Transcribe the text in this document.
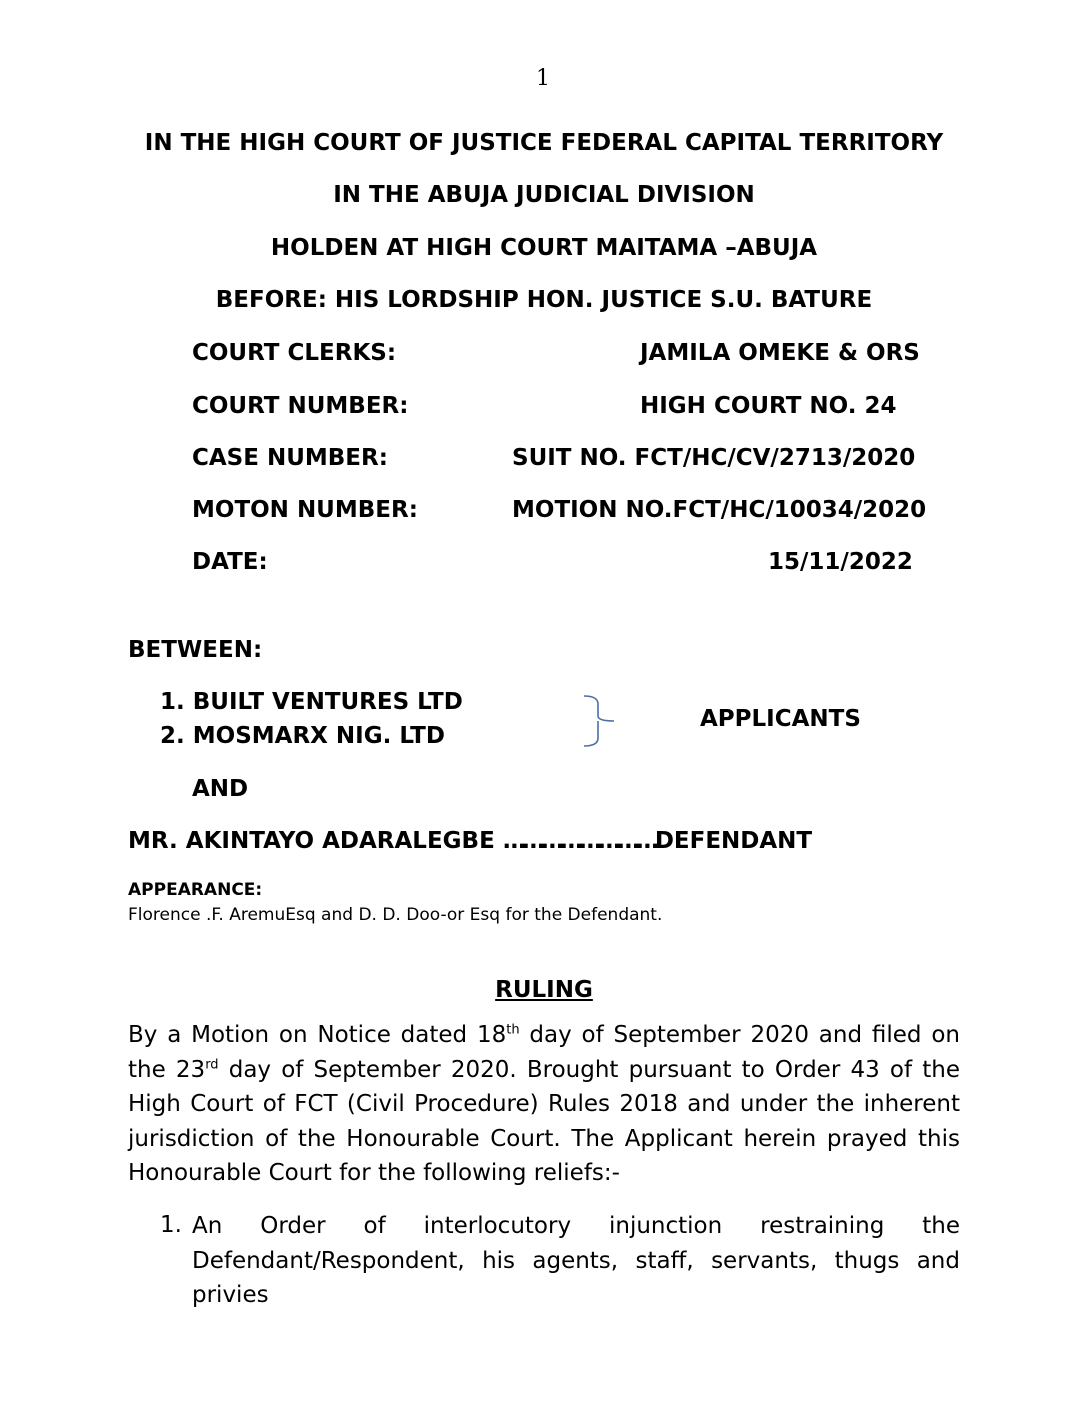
1
IN THE HIGH COURT OF JUSTICE FEDERAL CAPITAL TERRITORY
IN THE ABUJA JUDICIAL DIVISION
HOLDEN AT HIGH COURT MAITAMA –ABUJA
BEFORE: HIS LORDSHIP HON. JUSTICE S.U. BATURE
COURT CLERKS:	JAMILA OMEKE & ORS
COURT NUMBER:	HIGH COURT NO. 24
CASE NUMBER:	SUIT NO. FCT/HC/CV/2713/2020
MOTON NUMBER:	MOTION NO.FCT/HC/10034/2020
DATE:	15/11/2022
BETWEEN:
1. BUILT VENTURES LTD
2. MOSMARX NIG. LTD
APPLICANTS
AND
MR. AKINTAYO ADARALEGBE ……………………DEFENDANT
APPEARANCE:
Florence .F. AremuEsq and D. D. Doo-or Esq for the Defendant.
RULING
By a Motion on Notice dated 18th day of September 2020 and filed on the 23rd day of September 2020. Brought pursuant to Order 43 of the High Court of FCT (Civil Procedure) Rules 2018 and under the inherent jurisdiction of the Honourable Court. The Applicant herein prayed this Honourable Court for the following reliefs:-
1. An Order of interlocutory injunction restraining the Defendant/Respondent, his agents, staff, servants, thugs and privies
